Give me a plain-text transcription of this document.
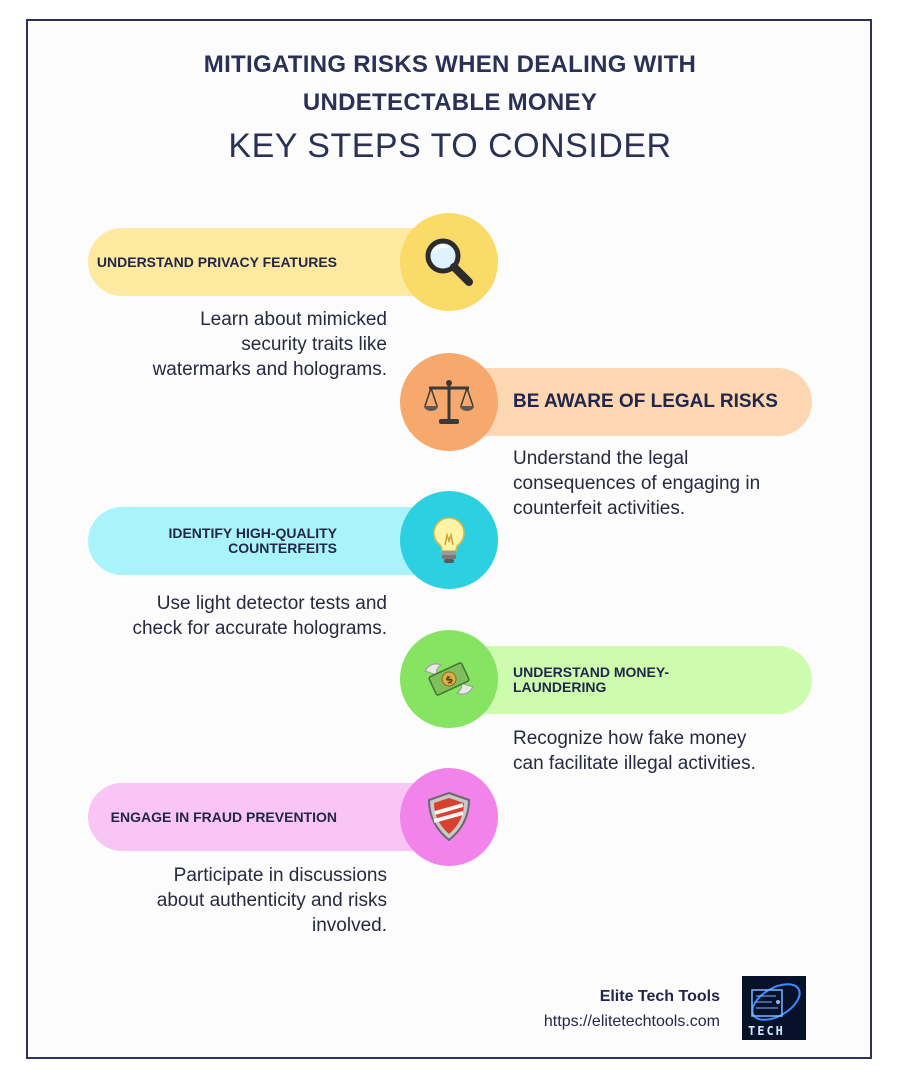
MITIGATING RISKS WHEN DEALING WITH
UNDETECTABLE MONEY
KEY STEPS TO CONSIDER
UNDERSTAND PRIVACY FEATURES
Learn about mimicked
security traits like
watermarks and holograms.
BE AWARE OF LEGAL RISKS
Understand the legal
consequences of engaging in
counterfeit activities.
IDENTIFY HIGH-QUALITY
COUNTERFEITS
Use light detector tests and
check for accurate holograms.
UNDERSTAND MONEY-
LAUNDERING
$
Recognize how fake money
can facilitate illegal activities.
ENGAGE IN FRAUD PREVENTION
Participate in discussions
about authenticity and risks
involved.
Elite Tech Tools
https://elitetechtools.com
TECH
